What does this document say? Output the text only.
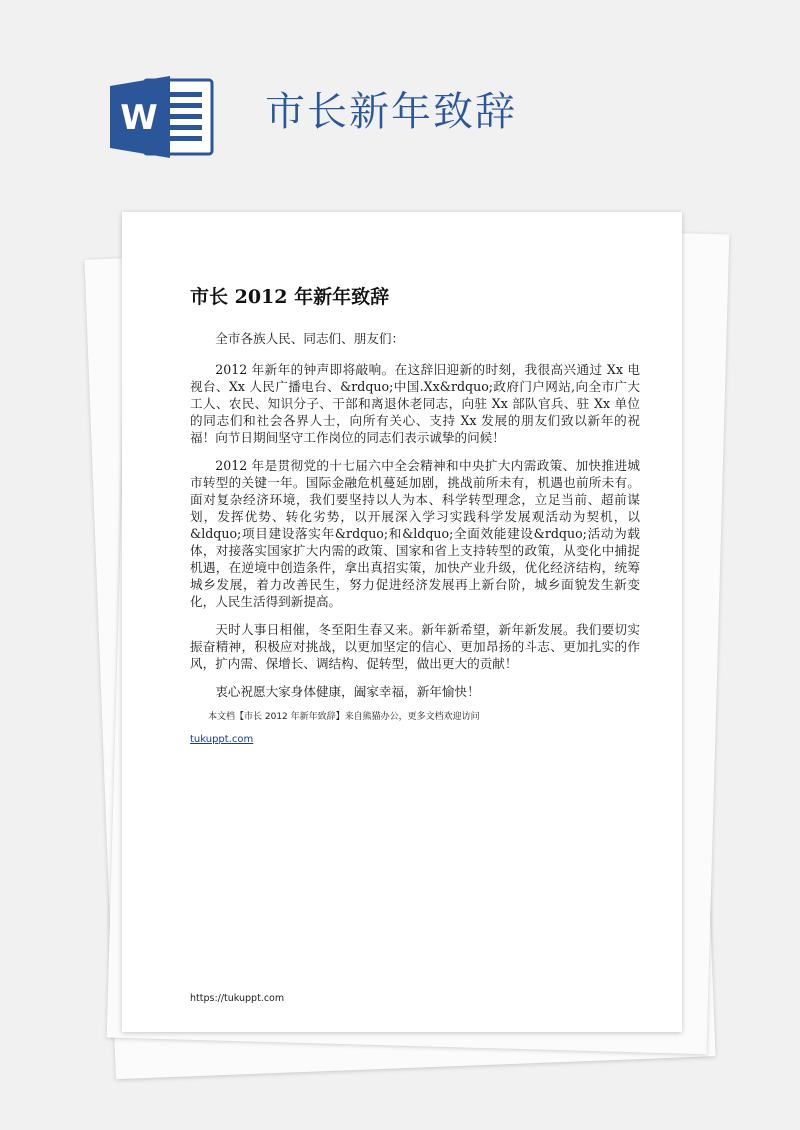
W	市长新年致辞
市长 2012 年新年致辞

全市各族人民、同志们、朋友们：

2012 年新年的钟声即将敲响。在这辞旧迎新的时刻，我很高兴通过 Xx 电视台、Xx 人民广播电台、&rdquo;中国.Xx&rdquo;政府门户网站,向全市广大工人、农民、知识分子、干部和离退休老同志，向驻 Xx 部队官兵、驻 Xx 单位的同志们和社会各界人士，向所有关心、支持 Xx 发展的朋友们致以新年的祝福！向节日期间坚守工作岗位的同志们表示诚挚的问候！

2012 年是贯彻党的十七届六中全会精神和中央扩大内需政策、加快推进城市转型的关键一年。国际金融危机蔓延加剧，挑战前所未有，机遇也前所未有。面对复杂经济环境，我们要坚持以人为本、科学转型理念，立足当前、超前谋划，发挥优势、转化劣势，以开展深入学习实践科学发展观活动为契机，以&ldquo;项目建设落实年&rdquo;和&ldquo;全面效能建设&rdquo;活动为载体，对接落实国家扩大内需的政策、国家和省上支持转型的政策，从变化中捕捉机遇，在逆境中创造条件，拿出真招实策，加快产业升级，优化经济结构，统筹城乡发展，着力改善民生，努力促进经济发展再上新台阶，城乡面貌发生新变化，人民生活得到新提高。

天时人事日相催，冬至阳生春又来。新年新希望，新年新发展。我们要切实振奋精神，积极应对挑战，以更加坚定的信心、更加昂扬的斗志、更加扎实的作风，扩内需、保增长、调结构、促转型，做出更大的贡献！

衷心祝愿大家身体健康，阖家幸福，新年愉快！

本文档【市长 2012 年新年致辞】来自熊猫办公，更多文档欢迎访问

tukuppt.com
https://tukuppt.com
